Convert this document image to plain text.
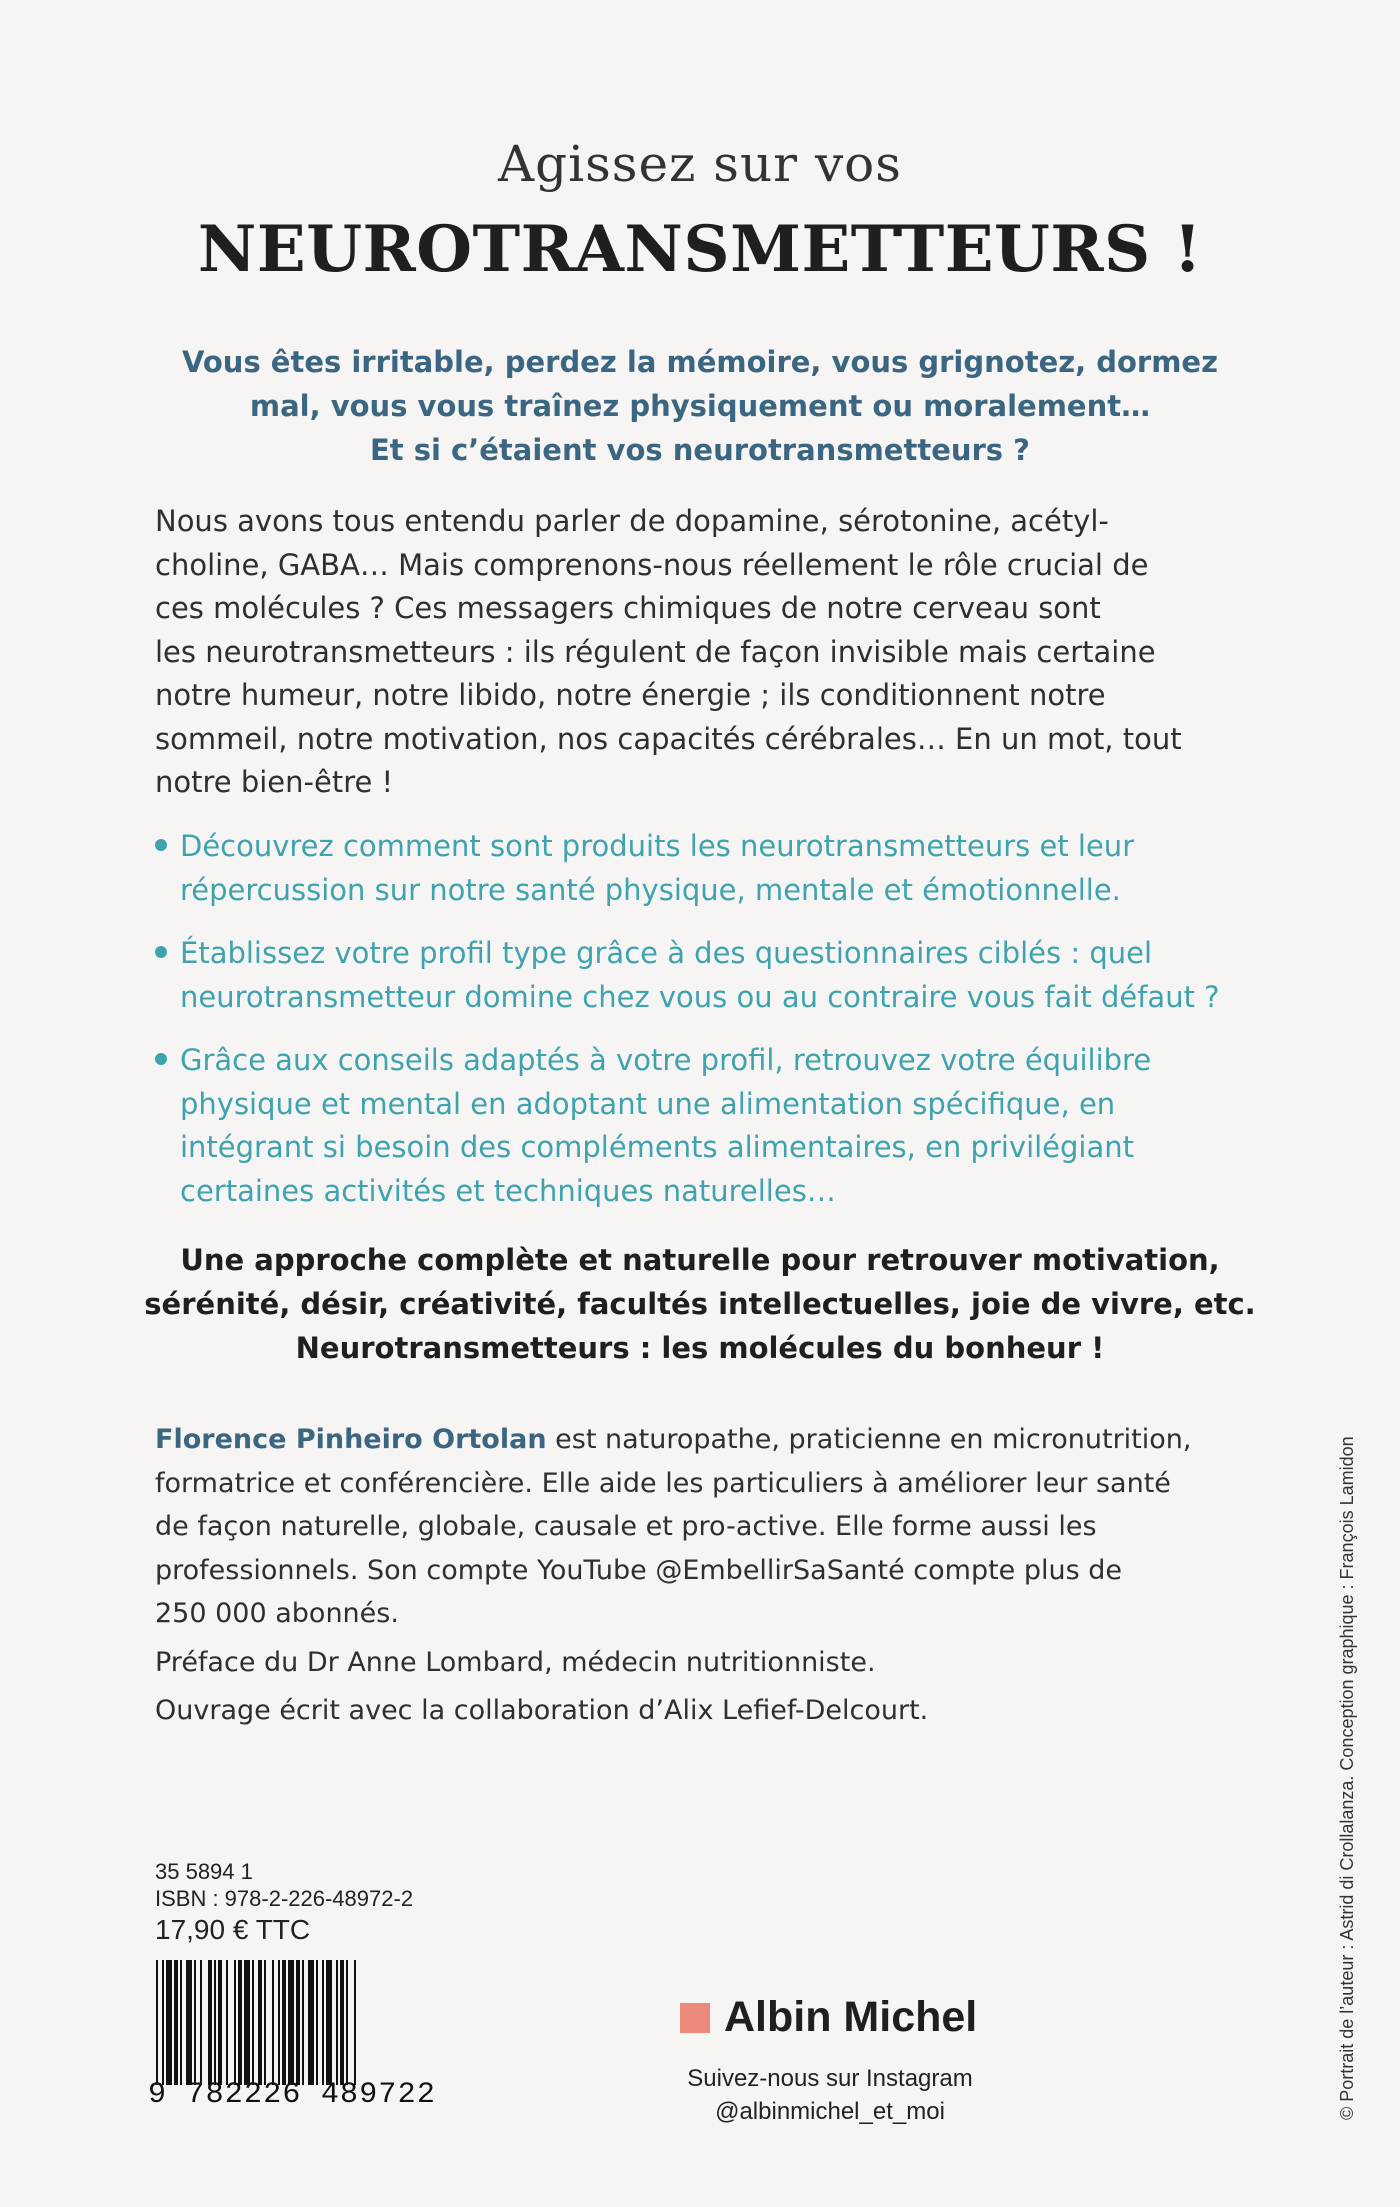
Agissez sur vos
NEUROTRANSMETTEURS !
Vous êtes irritable, perdez la mémoire, vous grignotez, dormez
mal, vous vous traînez physiquement ou moralement…
Et si c’étaient vos neurotransmetteurs ?
Nous avons tous entendu parler de dopamine, sérotonine, acétyl-
choline, GABA… Mais comprenons-nous réellement le rôle crucial de
ces molécules ? Ces messagers chimiques de notre cerveau sont
les neurotransmetteurs : ils régulent de façon invisible mais certaine
notre humeur, notre libido, notre énergie ; ils conditionnent notre
sommeil, notre motivation, nos capacités cérébrales… En un mot, tout
notre bien-être !
Découvrez comment sont produits les neurotransmetteurs et leur
répercussion sur notre santé physique, mentale et émotionnelle.
Établissez votre profil type grâce à des questionnaires ciblés : quel
neurotransmetteur domine chez vous ou au contraire vous fait défaut ?
Grâce aux conseils adaptés à votre profil, retrouvez votre équilibre
physique et mental en adoptant une alimentation spécifique, en
intégrant si besoin des compléments alimentaires, en privilégiant
certaines activités et techniques naturelles…
Une approche complète et naturelle pour retrouver motivation,
sérénité, désir, créativité, facultés intellectuelles, joie de vivre, etc.
Neurotransmetteurs : les molécules du bonheur !
Florence Pinheiro Ortolan est naturopathe, praticienne en micronutrition,
formatrice et conférencière. Elle aide les particuliers à améliorer leur santé
de façon naturelle, globale, causale et pro-active. Elle forme aussi les
professionnels. Son compte YouTube @EmbellirSaSanté compte plus de
250 000 abonnés.
Préface du Dr Anne Lombard, médecin nutritionniste.
Ouvrage écrit avec la collaboration d’Alix Lefief-Delcourt.
35 5894 1
ISBN : 978-2-226-48972-2
17,90 € TTC
9 782226 489722
Albin Michel
Suivez-nous sur Instagram
@albinmichel_et_moi	© Portrait de l’auteur : Astrid di Crollalanza. Conception graphique : François Lamidon
